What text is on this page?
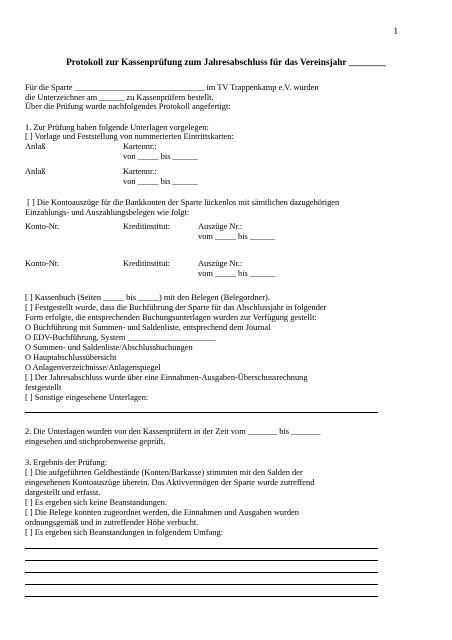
1

Protokoll zur Kassenprüfung zum Jahresabschluss für das Vereinsjahr ________

Für die Sparte _______________________________ im TV Trappenkamp e.V. wurden

die Unterzeichner am ______ zu Kassenprüfern bestellt.

Über die Prüfung wurde nachfolgendes Protokoll angefertigt:

1. Zur Prüfung haben folgende Unterlagen vorgelegen:

[ ] Vorlage und Feststellung von nummerierten Eintrittskarten:

Anlaß	Kartennr.:

von _____ bis ______

Anlaß	Kartennr.:

von _____ bis ______

[ ] Die Kontoauszüge für die Bankkonten der Sparte lückenlos mit sämtlichen dazugehörigen

Einzahlungs- und Auszahlungsbelegen wie folgt:

Konto-Nr.	Kreditinstitut:	Auszüge Nr.:

vom _____ bis ______

Konto-Nr.	Kreditinstitut:	Auszüge Nr.:

vom _____ bis ______

[ ] Kassenbuch (Seiten _____ bis _____) mit den Belegen (Belegordner).

[ ] Festgestellt wurde, dass die Buchführung der Sparte für das Abschlussjahr in folgender

Form erfolgte, die entsprechenden Buchungsunterlagen wurden zur Verfügung gestellt:

O Buchführung mit Summen- und Saldenliste, entsprechend dem Journal

O EDV-Buchführung, System _____________________

O Summen- und Saldenliste/Abschlussbuchungen

O Hauptabschlussübersicht

O Anlagenverzeichnisse/Anlagenspiegel

[ ] Der Jahresabschluss wurde über eine Einnahmen-Ausgaben-Überschussrechnung

festgestellt

[ ] Sonstige eingesehene Unterlagen:

2. Die Unterlagen wurden von den Kassenprüfern in der Zeit vom _______ bis _______

eingesehen und stichprobenweise geprüft.

3. Ergebnis der Prüfung:

[ ] Die aufgeführten Geldbestände (Konten/Barkasse) stimmten mit den Salden der

eingesehenen Kontoauszüge überein. Das Aktivvermögen der Sparte wurde zutreffend

dargestellt und erfasst.

[ ] Es ergeben sich keine Beanstandungen.

[ ] Die Belege konnten zugeordnet werden, die Einnahmen und Ausgaben wurden

ordnungsgemäß und in zutreffender Höhe verbucht.

[ ] Es ergeben sich Beanstandungen in folgendem Umfang:
